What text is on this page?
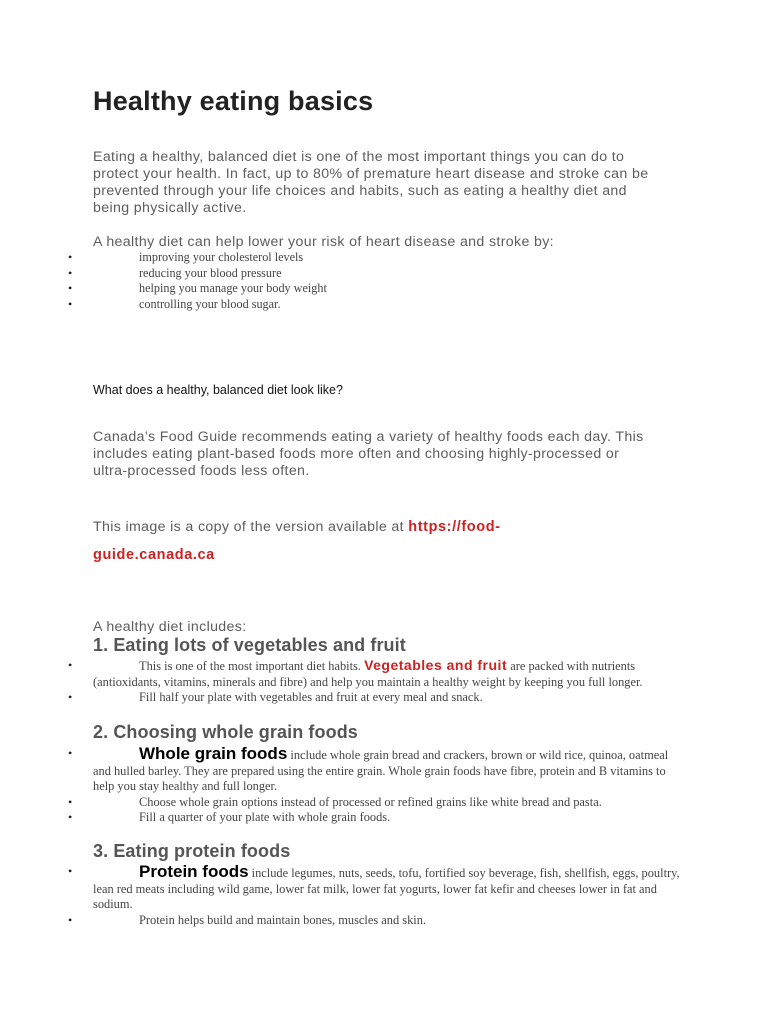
Healthy eating basics

Eating a healthy, balanced diet is one of the most important things you can do to protect your health. In fact, up to 80% of premature heart disease and stroke can be prevented through your life choices and habits, such as eating a healthy diet and being physically active.

A healthy diet can help lower your risk of heart disease and stroke by:

•	improving your cholesterol levels
•	reducing your blood pressure
•	helping you manage your body weight
•	controlling your blood sugar.

What does a healthy, balanced diet look like?

Canada’s Food Guide recommends eating a variety of healthy foods each day. This includes eating plant-based foods more often and choosing highly-processed or ultra-processed foods less often.

This image is a copy of the version available at https://food-guide.canada.ca

A healthy diet includes:

1. Eating lots of vegetables and fruit
•	This is one of the most important diet habits. Vegetables and fruit are packed with nutrients (antioxidants, vitamins, minerals and fibre) and help you maintain a healthy weight by keeping you full longer.
•	Fill half your plate with vegetables and fruit at every meal and snack.
2. Choosing whole grain foods
•	Whole grain foods include whole grain bread and crackers, brown or wild rice, quinoa, oatmeal and hulled barley. They are prepared using the entire grain. Whole grain foods have fibre, protein and B vitamins to help you stay healthy and full longer.
•	Choose whole grain options instead of processed or refined grains like white bread and pasta.
•	Fill a quarter of your plate with whole grain foods.
3. Eating protein foods
•	Protein foods include legumes, nuts, seeds, tofu, fortified soy beverage, fish, shellfish, eggs, poultry, lean red meats including wild game, lower fat milk, lower fat yogurts, lower fat kefir and cheeses lower in fat and sodium.
•	Protein helps build and maintain bones, muscles and skin.
